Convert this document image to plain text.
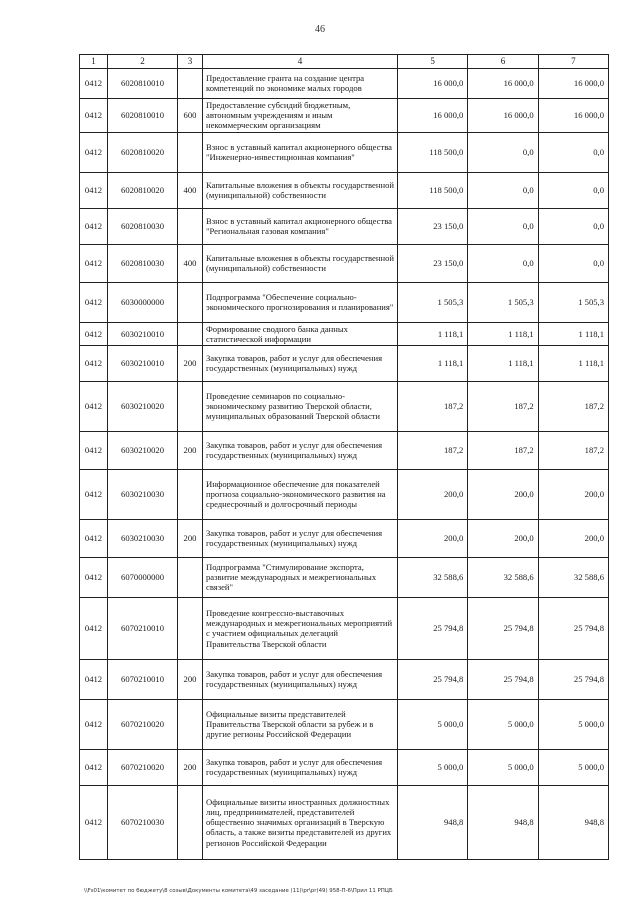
46
1	2	3	4	5	6	7
0412	6020810010		Предоставление гранта на создание центра компетенций по экономике малых городов	16 000,0	16 000,0	16 000,0
0412	6020810010	600	Предоставление субсидий бюджетным, автономным учреждениям и иным некоммерческим организациям	16 000,0	16 000,0	16 000,0
0412	6020810020		Взнос в уставный капитал акционерного общества "Инженерно-инвестиционная компания"	118 500,0	0,0	0,0
0412	6020810020	400	Капитальные вложения в объекты государственной (муниципальной) собственности	118 500,0	0,0	0,0
0412	6020810030		Взнос в уставный капитал акционерного общества "Региональная газовая компания"	23 150,0	0,0	0,0
0412	6020810030	400	Капитальные вложения в объекты государственной (муниципальной) собственности	23 150,0	0,0	0,0
0412	6030000000		Подпрограмма "Обеспечение социально-экономического прогнозирования и планирования"	1 505,3	1 505,3	1 505,3
0412	6030210010		Формирование сводного банка данных статистической информации	1 118,1	1 118,1	1 118,1
0412	6030210010	200	Закупка товаров, работ и услуг для обеспечения государственных (муниципальных) нужд	1 118,1	1 118,1	1 118,1
0412	6030210020		Проведение семинаров по социально-экономическому развитию Тверской области, муниципальных образований Тверской области	187,2	187,2	187,2
0412	6030210020	200	Закупка товаров, работ и услуг для обеспечения государственных (муниципальных) нужд	187,2	187,2	187,2
0412	6030210030		Информационное обеспечение для показателей прогноза социально-экономического развития на среднесрочный и долгосрочный периоды	200,0	200,0	200,0
0412	6030210030	200	Закупка товаров, работ и услуг для обеспечения государственных (муниципальных) нужд	200,0	200,0	200,0
0412	6070000000		Подпрограмма "Стимулирование экспорта, развитие международных и межрегиональных связей"	32 588,6	32 588,6	32 588,6
0412	6070210010		Проведение конгрессно-выставочных международных и межрегиональных мероприятий с участием официальных делегаций Правительства Тверской области	25 794,8	25 794,8	25 794,8
0412	6070210010	200	Закупка товаров, работ и услуг для обеспечения государственных (муниципальных) нужд	25 794,8	25 794,8	25 794,8
0412	6070210020		Официальные визиты представителей Правительства Тверской области за рубеж и в другие регионы Российской Федерации	5 000,0	5 000,0	5 000,0
0412	6070210020	200	Закупка товаров, работ и услуг для обеспечения государственных (муниципальных) нужд	5 000,0	5 000,0	5 000,0
0412	6070210030		Официальные визиты иностранных должностных лиц, предпринимателей, представителей общественно значимых организаций в Тверскую область, а также визиты представителей из других регионов Российской Федерации	948,8	948,8	948,8
\\Fs01\комитет по бюджету\8 созыв\Документы комитета\49 заседание (11)\pr\pr(49) 958-П-6\Прил 11 РПЦБ
